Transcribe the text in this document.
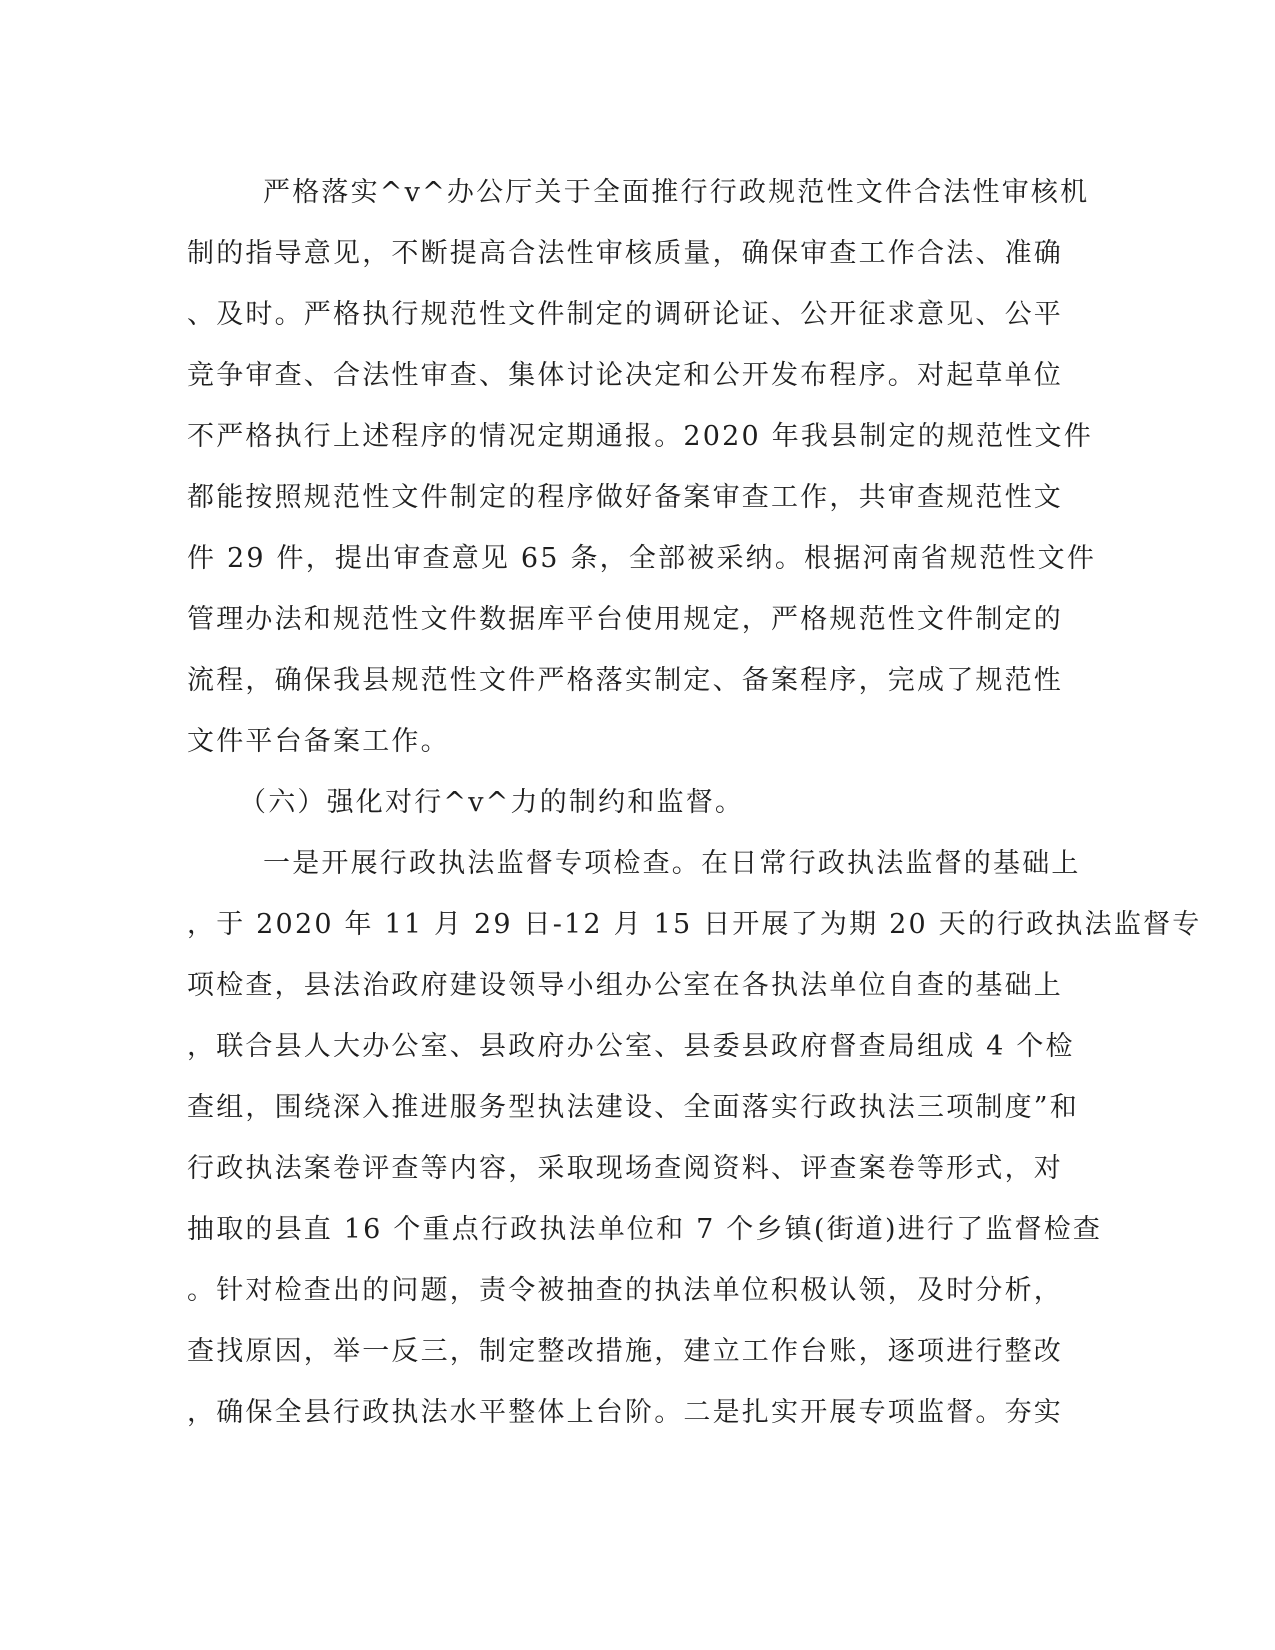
严格落实^v^办公厅关于全面推行行政规范性文件合法性审核机
制的指导意见，不断提高合法性审核质量，确保审查工作合法、准确
、及时。严格执行规范性文件制定的调研论证、公开征求意见、公平
竞争审查、合法性审查、集体讨论决定和公开发布程序。对起草单位
不严格执行上述程序的情况定期通报。2020 年我县制定的规范性文件
都能按照规范性文件制定的程序做好备案审查工作，共审查规范性文
件 29 件，提出审查意见 65 条，全部被采纳。根据河南省规范性文件
管理办法和规范性文件数据库平台使用规定，严格规范性文件制定的
流程，确保我县规范性文件严格落实制定、备案程序，完成了规范性
文件平台备案工作。
（六）强化对行^v^力的制约和监督。
一是开展行政执法监督专项检查。在日常行政执法监督的基础上
，于 2020 年 11 月 29 日-12 月 15 日开展了为期 20 天的行政执法监督专
项检查，县法治政府建设领导小组办公室在各执法单位自查的基础上
，联合县人大办公室、县政府办公室、县委县政府督查局组成 4 个检
查组，围绕深入推进服务型执法建设、全面落实行政执法三项制度”和
行政执法案卷评查等内容，采取现场查阅资料、评查案卷等形式，对
抽取的县直 16 个重点行政执法单位和 7 个乡镇(街道)进行了监督检查
。针对检查出的问题，责令被抽查的执法单位积极认领，及时分析，
查找原因，举一反三，制定整改措施，建立工作台账，逐项进行整改
，确保全县行政执法水平整体上台阶。二是扎实开展专项监督。夯实
